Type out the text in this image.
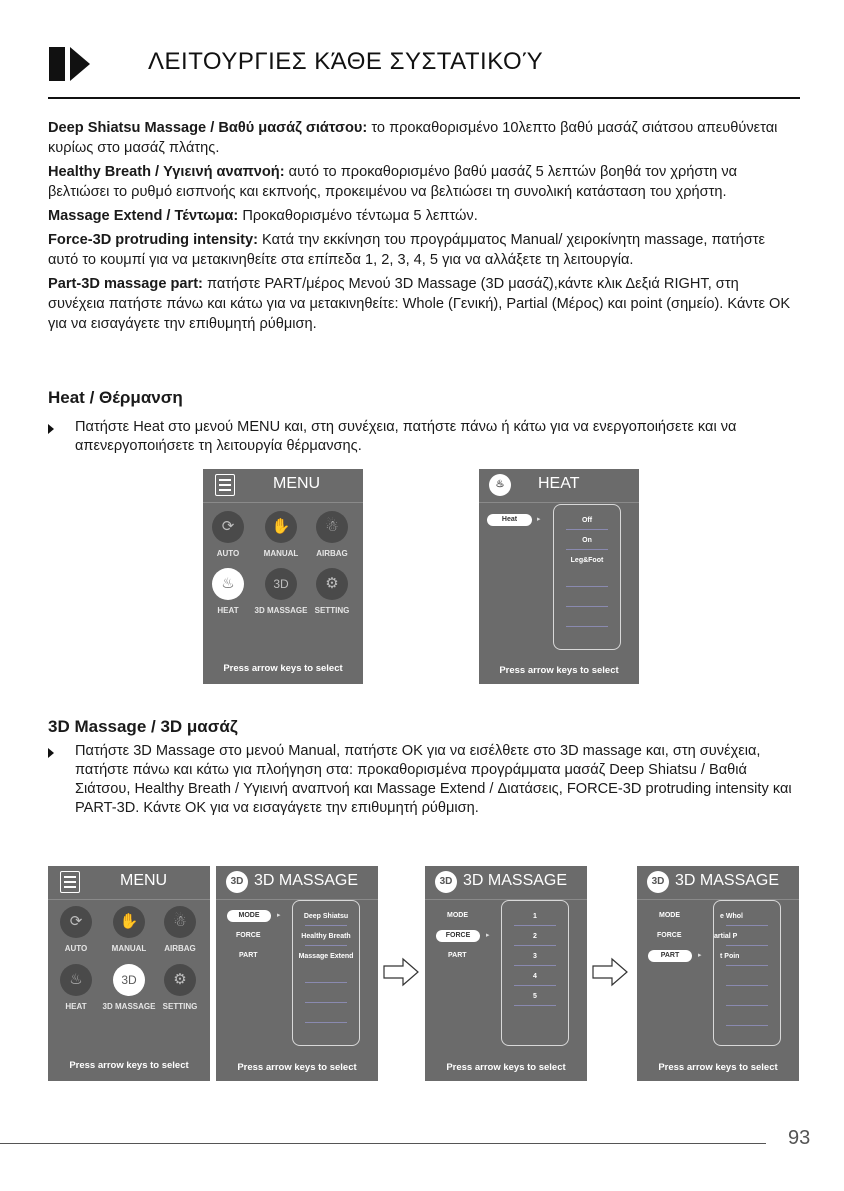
ΛΕΙΤΟΥΡΓΙΕΣ ΚΆΘΕ ΣΥΣΤΑΤΙΚΟΎ

Deep Shiatsu Massage / Βαθύ μασάζ σιάτσου: το προκαθορισμένο 10λεπτο βαθύ μασάζ σιάτσου απευθύνεται κυρίως στο μασάζ πλάτης.

Healthy Breath / Υγιεινή αναπνοή: αυτό το προκαθορισμένο βαθύ μασάζ 5 λεπτών βοηθά τον χρήστη να βελτιώσει το ρυθμό εισπνοής και εκπνοής, προκειμένου να βελτιώσει τη συνολική κατάσταση του χρήστη.

Massage Extend / Τέντωμα: Προκαθορισμένο τέντωμα 5 λεπτών.

Force-3D protruding intensity: Κατά την εκκίνηση του προγράμματος Manual/ χειροκίνητη massage, πατήστε αυτό το κουμπί για να μετακινηθείτε στα επίπεδα 1, 2, 3, 4, 5 για να αλλάξετε τη λειτουργία.

Part-3D massage part: πατήστε PART/μέρος Μενού 3D Massage (3D μασάζ),κάντε κλικ Δεξιά RIGHT, στη συνέχεια πατήστε πάνω και κάτω για να μετακινηθείτε: Whole (Γενική), Partial (Μέρος) και point (σημείο). Κάντε OK για να εισαγάγετε την επιθυμητή ρύθμιση.

Heat / Θέρμανση
Πατήστε Heat στο μενού MENU και, στη συνέχεια, πατήστε πάνω ή κάτω για να ενεργοποιήσετε και να απενεργοποιήσετε τη λειτουργία θέρμανσης.
MENU
⟳
AUTO
✋
MANUAL
☃
AIRBAG
♨
HEAT
3D
3D MASSAGE
⚙
SETTING
Press arrow keys to select
♨	HEAT
Heat	▸	Off
On
Leg&Foot
Press arrow keys to select
3D Massage / 3D μασάζ
Πατήστε 3D Massage στο μενού Manual, πατήστε OK για να εισέλθετε στο 3D massage και, στη συνέχεια, πατήστε πάνω και κάτω για πλοήγηση στα: προκαθορισμένα προγράμματα μασάζ Deep Shiatsu / Βαθιά Σιάτσου, Healthy Breath / Υγιεινή αναπνοή και Massage Extend / Διατάσεις, FORCE-3D protruding intensity και PART-3D. Κάντε OK για να εισαγάγετε την επιθυμητή ρύθμιση.
MENU
⟳
AUTO
✋
MANUAL
☃
AIRBAG
♨
HEAT
3D
3D MASSAGE
⚙
SETTING
Press arrow keys to select
3D 3D MASSAGE
MODE	▸
FORCE
PART
Deep Shiatsu
Healthy Breath
Massage Extend
Press arrow keys to select
3D 3D MASSAGE
MODE
FORCE	▸
PART
1
2
3
4
5
Press arrow keys to select
3D 3D MASSAGE
MODE
FORCE
PART	▸
e Whol
artial P
t Poin
Press arrow keys to select
93
